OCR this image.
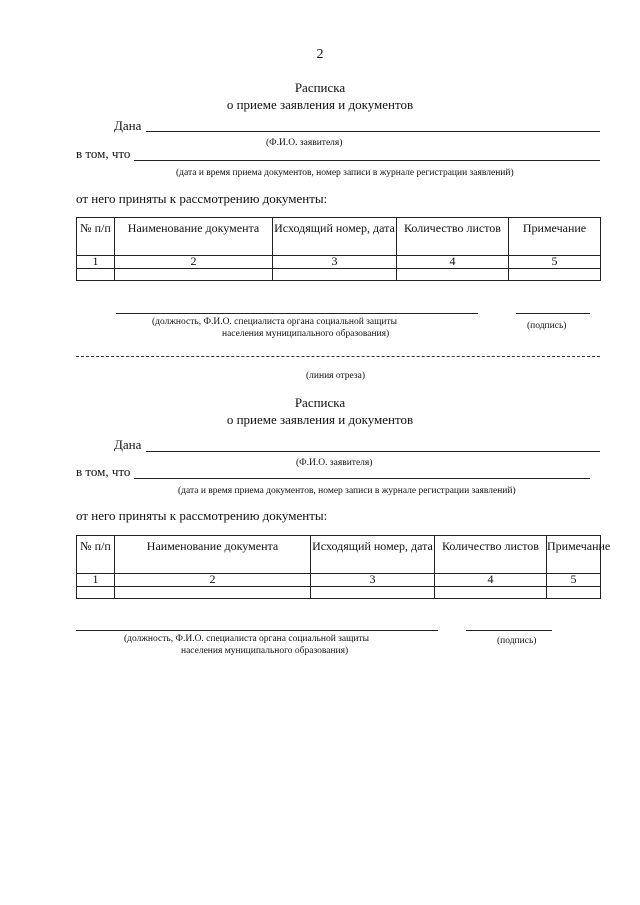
2
Расписка
о приеме заявления и документов
Дана
(Ф.И.О. заявителя)
в том, что
(дата и время приема документов, номер записи в журнале регистрации заявлений)
от него приняты к рассмотрению документы:
№ п/п	Наименование документа	Исходящий номер, дата	Количество листов	Примечание
1	2	3	4	5

(должность, Ф.И.О. специалиста органа социальной защиты
населения муниципального образования)
(подпись)
(линия отреза)
Расписка
о приеме заявления и документов
Дана
(Ф.И.О. заявителя)
в том, что
(дата и время приема документов, номер записи в журнале регистрации заявлений)
от него приняты к рассмотрению документы:
№ п/п	Наименование документа	Исходящий номер, дата	Количество листов	Примечание
1	2	3	4	5

(должность, Ф.И.О. специалиста органа социальной защиты
населения муниципального образования)
(подпись)
